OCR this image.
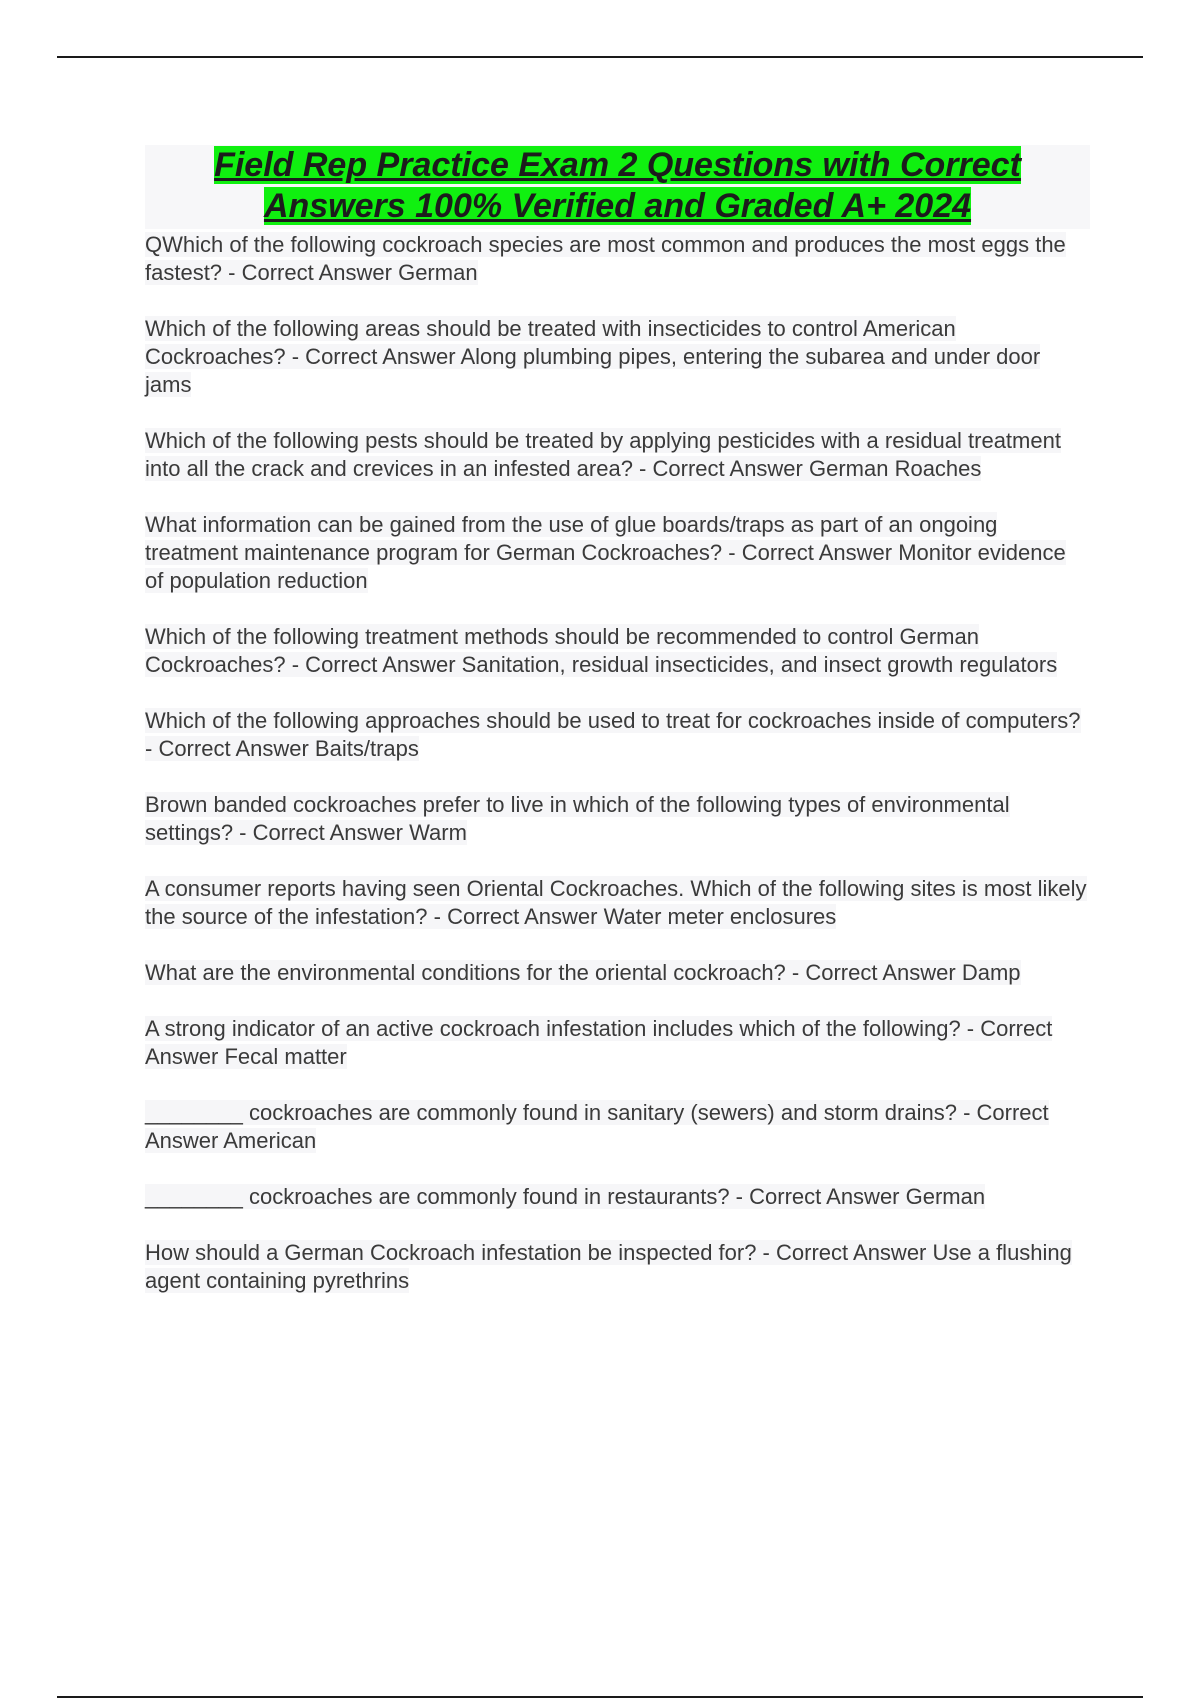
Field Rep Practice Exam 2 Questions with Correct Answers 100% Verified and Graded A+ 2024

QWhich of the following cockroach species are most common and produces the most eggs the fastest? - Correct Answer German

Which of the following areas should be treated with insecticides to control American Cockroaches? - Correct Answer Along plumbing pipes, entering the subarea and under door jams

Which of the following pests should be treated by applying pesticides with a residual treatment into all the crack and crevices in an infested area? - Correct Answer German Roaches

What information can be gained from the use of glue boards/traps as part of an ongoing treatment maintenance program for German Cockroaches? - Correct Answer Monitor evidence of population reduction

Which of the following treatment methods should be recommended to control German Cockroaches? - Correct Answer Sanitation, residual insecticides, and insect growth regulators

Which of the following approaches should be used to treat for cockroaches inside of computers? - Correct Answer Baits/traps

Brown banded cockroaches prefer to live in which of the following types of environmental settings? - Correct Answer Warm

A consumer reports having seen Oriental Cockroaches. Which of the following sites is most likely the source of the infestation? - Correct Answer Water meter enclosures

What are the environmental conditions for the oriental cockroach? - Correct Answer Damp

A strong indicator of an active cockroach infestation includes which of the following? - Correct Answer Fecal matter

________ cockroaches are commonly found in sanitary (sewers) and storm drains? - Correct Answer American

________ cockroaches are commonly found in restaurants? - Correct Answer German

How should a German Cockroach infestation be inspected for? - Correct Answer Use a flushing agent containing pyrethrins
